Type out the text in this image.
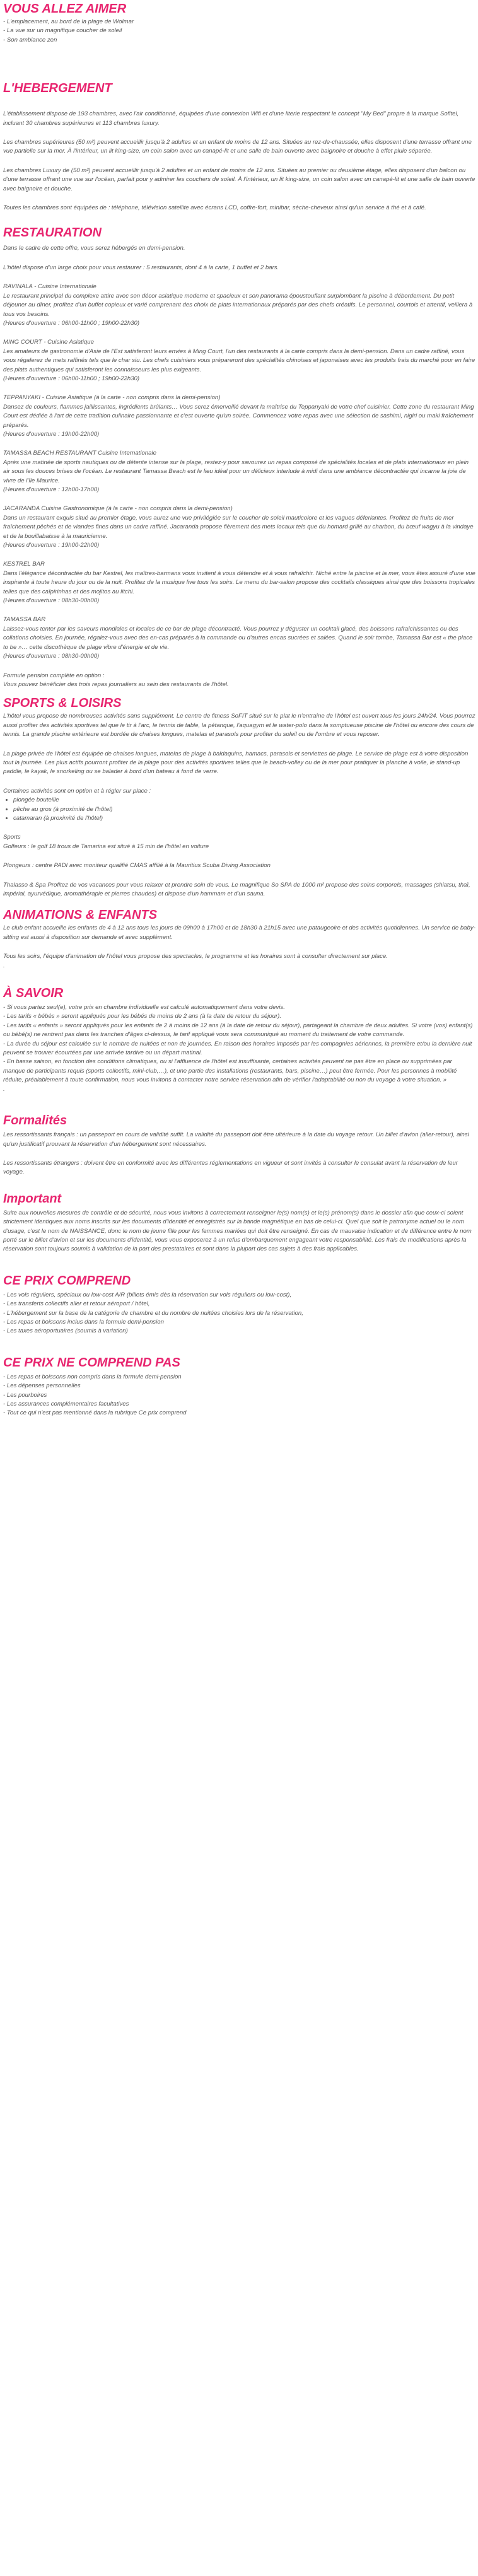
VOUS ALLEZ AIMER

- L'emplacement, au bord de la plage de Wolmar
- La vue sur un magnifique coucher de soleil
- Son ambiance zen

L'HEBERGEMENT

L'établissement dispose de 193 chambres, avec l'air conditionné, équipées d'une connexion Wifi et d'une literie respectant le concept "My Bed" propre à la marque Sofitel, incluant 30 chambres supérieures et 113 chambres luxury.

Les chambres supérieures (50 m²) peuvent accueillir jusqu'à 2 adultes et un enfant de moins de 12 ans. Situées au rez-de-chaussée, elles disposent d'une terrasse offrant une vue partielle sur la mer. À l'intérieur, un lit king-size, un coin salon avec un canapé-lit et une salle de bain ouverte avec baignoire et douche à effet pluie séparée.

Les chambres Luxury de (50 m²) peuvent accueillir jusqu'à 2 adultes et un enfant de moins de 12 ans. Situées au premier ou deuxième étage, elles disposent d'un balcon ou d'une terrasse offrant une vue sur l'océan, parfait pour y admirer les couchers de soleil. À l'intérieur, un lit king-size, un coin salon avec un canapé-lit et une salle de bain ouverte avec baignoire et douche.

Toutes les chambres sont équipées de : téléphone, télévision satellite avec écrans LCD, coffre-fort, minibar, sèche-cheveux ainsi qu'un service à thé et à café.

RESTAURATION

Dans le cadre de cette offre, vous serez hébergés en demi-pension.

L'hôtel dispose d'un large choix pour vous restaurer : 5 restaurants, dont 4 à la carte, 1 buffet et 2 bars.

RAVINALA - Cuisine Internationale
Le restaurant principal du complexe attire avec son décor asiatique moderne et spacieux et son panorama époustouflant surplombant la piscine à débordement. Du petit déjeuner au dîner, profitez d'un buffet copieux et varié comprenant des choix de plats internationaux préparés par des chefs créatifs. Le personnel, courtois et attentif, veillera à tous vos besoins.
(Heures d'ouverture : 06h00-11h00 ; 19h00-22h30)

MING COURT - Cuisine Asiatique
Les amateurs de gastronomie d'Asie de l'Est satisferont leurs envies à Ming Court, l'un des restaurants à la carte compris dans la demi-pension. Dans un cadre raffiné, vous vous régalerez de mets raffinés tels que le char siu. Les chefs cuisiniers vous prépareront des spécialités chinoises et japonaises avec les produits frais du marché pour en faire des plats authentiques qui satisferont les connaisseurs les plus exigeants.
(Heures d'ouverture : 06h00-11h00 ; 19h00-22h30)

TEPPANYAKI - Cuisine Asiatique (à la carte - non compris dans la demi-pension)
Dansez de couleurs, flammes jaillissantes, ingrédients brûlants… Vous serez émerveillé devant la maîtrise du Teppanyaki de votre chef cuisinier. Cette zone du restaurant Ming Court est dédiée à l'art de cette tradition culinaire passionnante et c'est ouverte qu'un soirée. Commencez votre repas avec une sélection de sashimi, nigiri ou maki fraîchement préparés.
(Heures d'ouverture : 19h00-22h00)

TAMASSA BEACH RESTAURANT Cuisine Internationale
Après une matinée de sports nautiques ou de détente intense sur la plage, restez-y pour savourez un repas composé de spécialités locales et de plats internationaux en plein air sous les douces brises de l'océan. Le restaurant Tamassa Beach est le lieu idéal pour un délicieux interlude à midi dans une ambiance décontractée qui incarne la joie de vivre de l'île Maurice.
(Heures d'ouverture : 12h00-17h00)

JACARANDA Cuisine Gastronomique (à la carte - non compris dans la demi-pension)
Dans un restaurant exquis situé au premier étage, vous aurez une vue privilégiée sur le coucher de soleil mauticolore et les vagues déferlantes. Profitez de fruits de mer fraîchement pêchés et de viandes fines dans un cadre raffiné. Jacaranda propose fièrement des mets locaux tels que du homard grillé au charbon, du bœuf wagyu à la vindaye et de la bouillabaisse à la mauricienne.
(Heures d'ouverture : 19h00-22h00)

KESTREL BAR
Dans l'élégance décontractée du bar Kestrel, les maîtres-barmans vous invitent à vous détendre et à vous rafraîchir. Niché entre la piscine et la mer, vous êtes assuré d'une vue inspirante à toute heure du jour ou de la nuit. Profitez de la musique live tous les soirs. Le menu du bar-salon propose des cocktails classiques ainsi que des boissons tropicales telles que des caïpirinhas et des mojitos au litchi.
(Heures d'ouverture : 08h30-00h00)

TAMASSA BAR
Laissez-vous tenter par les saveurs mondiales et locales de ce bar de plage décontracté. Vous pourrez y déguster un cocktail glacé, des boissons rafraîchissantes ou des collations choisies. En journée, régalez-vous avec des en-cas préparés à la commande ou d'autres encas sucrées et salées. Quand le soir tombe, Tamassa Bar est « the place to be »… cette discothèque de plage vibre d'énergie et de vie.
(Heures d'ouverture : 08h30-00h00)

Formule pension complète en option :
Vous pouvez bénéficier des trois repas journaliers au sein des restaurants de l'hôtel.

SPORTS & LOISIRS

L'hôtel vous propose de nombreuses activités sans supplément. Le centre de fitness SoFIT situé sur le plat le n'entraîne de l'hôtel est ouvert tous les jours 24h/24. Vous pourrez aussi profiter des activités sportives tel que le tir à l'arc, le tennis de table, la pétanque, l'aquagym et le water-polo dans la somptueuse piscine de l'hôtel ou encore des cours de tennis. La grande piscine extérieure est bordée de chaises longues, matelas et parasols pour profiter du soleil ou de l'ombre et vous reposer.

La plage privée de l'hôtel est équipée de chaises longues, matelas de plage à baldaquins, hamacs, parasols et serviettes de plage. Le service de plage est à votre disposition tout la journée. Les plus actifs pourront profiter de la plage pour des activités sportives telles que le beach-volley ou de la mer pour pratiquer la planche à voile, le stand-up paddle, le kayak, le snorkeling ou se balader à bord d'un bateau à fond de verre.

Certaines activités sont en option et à régler sur place :

• plongée bouteille
• pêche au gros (à proximité de l'hôtel)
• catamaran (à proximité de l'hôtel)

Sports
Golfeurs : le golf 18 trous de Tamarina est situé à 15 min de l'hôtel en voiture

Plongeurs : centre PADI avec moniteur qualifié CMAS affilié à la Mauritius Scuba Diving Association

Thalasso & Spa Profitez de vos vacances pour vous relaxer et prendre soin de vous. Le magnifique So SPA de 1000 m² propose des soins corporels, massages (shiatsu, thaï, impérial, ayurvédique, aromathérapie et pierres chaudes) et dispose d'un hammam et d'un sauna.

ANIMATIONS & ENFANTS

Le club enfant accueille les enfants de 4 à 12 ans tous les jours de 09h00 à 17h00 et de 18h30 à 21h15 avec une pataugeoire et des activités quotidiennes. Un service de baby-sitting est aussi à disposition sur demande et avec supplément.

Tous les soirs, l'équipe d'animation de l'hôtel vous propose des spectacles, le programme et les horaires sont à consulter directement sur place.

.

À SAVOIR

- Si vous partez seul(e), votre prix en chambre individuelle est calculé automatiquement dans votre devis.
- Les tarifs « bébés » seront appliqués pour les bébés de moins de 2 ans (à la date de retour du séjour).
- Les tarifs « enfants » seront appliqués pour les enfants de 2 à moins de 12 ans (à la date de retour du séjour), partageant la chambre de deux adultes. Si votre (vos) enfant(s) ou bébé(s) ne rentrent pas dans les tranches d'âges ci-dessus, le tarif appliqué vous sera communiqué au moment du traitement de votre commande.
- La durée du séjour est calculée sur le nombre de nuitées et non de journées. En raison des horaires imposés par les compagnies aériennes, la première et/ou la dernière nuit peuvent se trouver écourtées par une arrivée tardive ou un départ matinal.
- En basse saison, en fonction des conditions climatiques, ou si l'affluence de l'hôtel est insuffisante, certaines activités peuvent ne pas être en place ou supprimées par manque de participants requis (sports collectifs, mini-club,…), et une partie des installations (restaurants, bars, piscine…) peut être fermée. Pour les personnes à mobilité réduite, préalablement à toute confirmation, nous vous invitons à contacter notre service réservation afin de vérifier l'adaptabilité ou non du voyage à votre situation. »
.

Formalités

Les ressortissants français : un passeport en cours de validité suffit. La validité du passeport doit être ultérieure à la date du voyage retour. Un billet d'avion (aller-retour), ainsi qu'un justificatif prouvant la réservation d'un hébergement sont nécessaires.

Les ressortissants étrangers : doivent être en conformité avec les différentes réglementations en vigueur et sont invités à consulter le consulat avant la réservation de leur voyage.

Important

Suite aux nouvelles mesures de contrôle et de sécurité, nous vous invitons à correctement renseigner le(s) nom(s) et le(s) prénom(s) dans le dossier afin que ceux-ci soient strictement identiques aux noms inscrits sur les documents d'identité et enregistrés sur la bande magnétique en bas de celui-ci. Quel que soit le patronyme actuel ou le nom d'usage, c'est le nom de NAISSANCE, donc le nom de jeune fille pour les femmes mariées qui doit être renseigné. En cas de mauvaise indication et de différence entre le nom porté sur le billet d'avion et sur les documents d'identité, vous vous exposerez à un refus d'embarquement engageant votre responsabilité. Les frais de modifications après la réservation sont toujours soumis à validation de la part des prestataires et sont dans la plupart des cas sujets à des frais applicables.

CE PRIX COMPREND

- Les vols réguliers, spéciaux ou low-cost A/R (billets émis dès la réservation sur vols réguliers ou low-cost),
- Les transferts collectifs aller et retour aéroport / hôtel,
- L'hébergement sur la base de la catégorie de chambre et du nombre de nuitées choisies lors de la réservation,
- Les repas et boissons inclus dans la formule demi-pension
- Les taxes aéroportuaires (soumis à variation)

CE PRIX NE COMPREND PAS

- Les repas et boissons non compris dans la formule demi-pension
- Les dépenses personnelles
- Les pourboires
- Les assurances complémentaires facultatives
- Tout ce qui n'est pas mentionné dans la rubrique Ce prix comprend
